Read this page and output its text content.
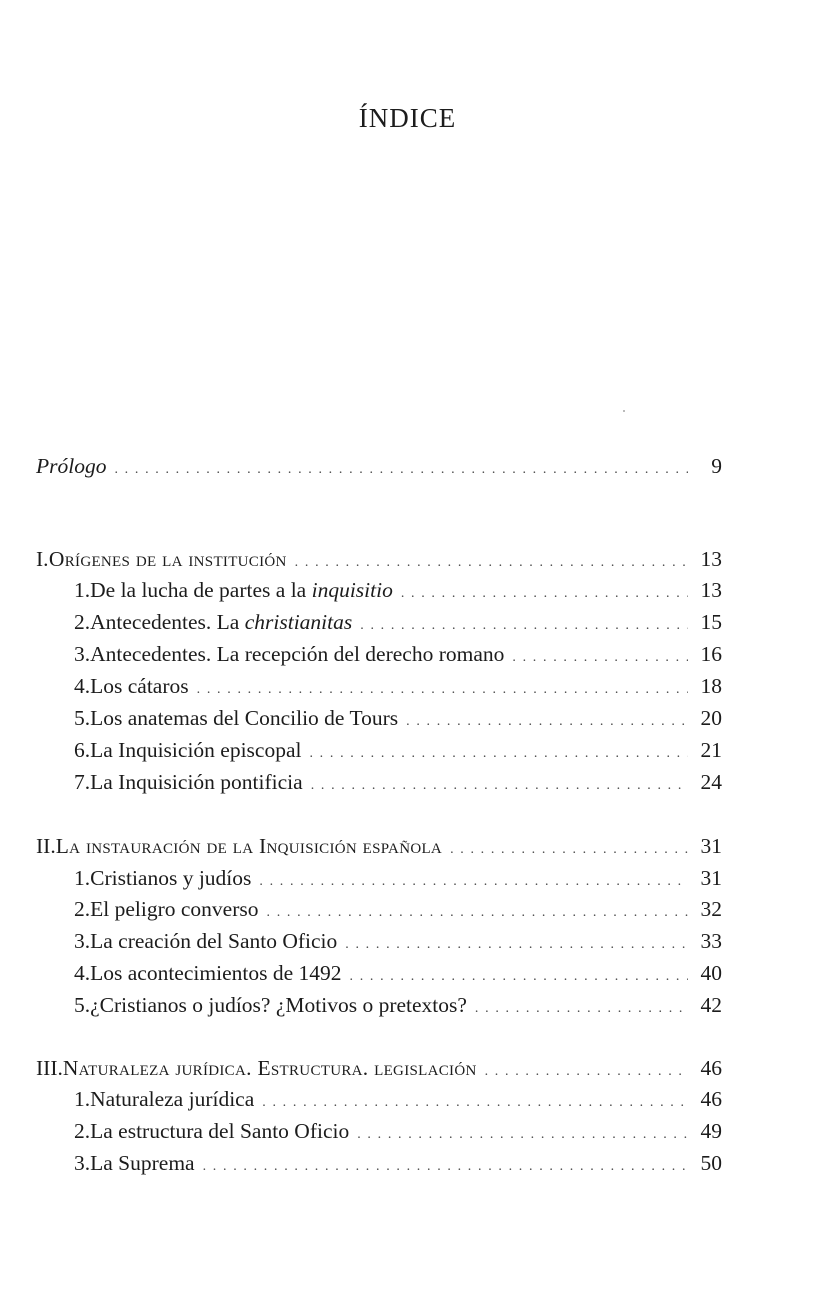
ÍNDICE
Prólogo . . .	9
I. Orígenes de la institución . . .	13
1. De la lucha de partes a la inquisitio . . .	13
2. Antecedentes. La christianitas . . .	15
3. Antecedentes. La recepción del derecho romano . . .	16
4. Los cátaros . . .	18
5. Los anatemas del Concilio de Tours . . .	20
6. La Inquisición episcopal . . .	21
7. La Inquisición pontificia . . .	24
II. La instauración de la Inquisición española . . .	31
1. Cristianos y judíos . . .	31
2. El peligro converso . . .	32
3. La creación del Santo Oficio . . .	33
4. Los acontecimientos de 1492 . . .	40
5. ¿Cristianos o judíos? ¿Motivos o pretextos? . . .	42
III. Naturaleza jurídica. Estructura. legislación . . .	46
1. Naturaleza jurídica . . .	46
2. La estructura del Santo Oficio . . .	49
3. La Suprema . . .	50
